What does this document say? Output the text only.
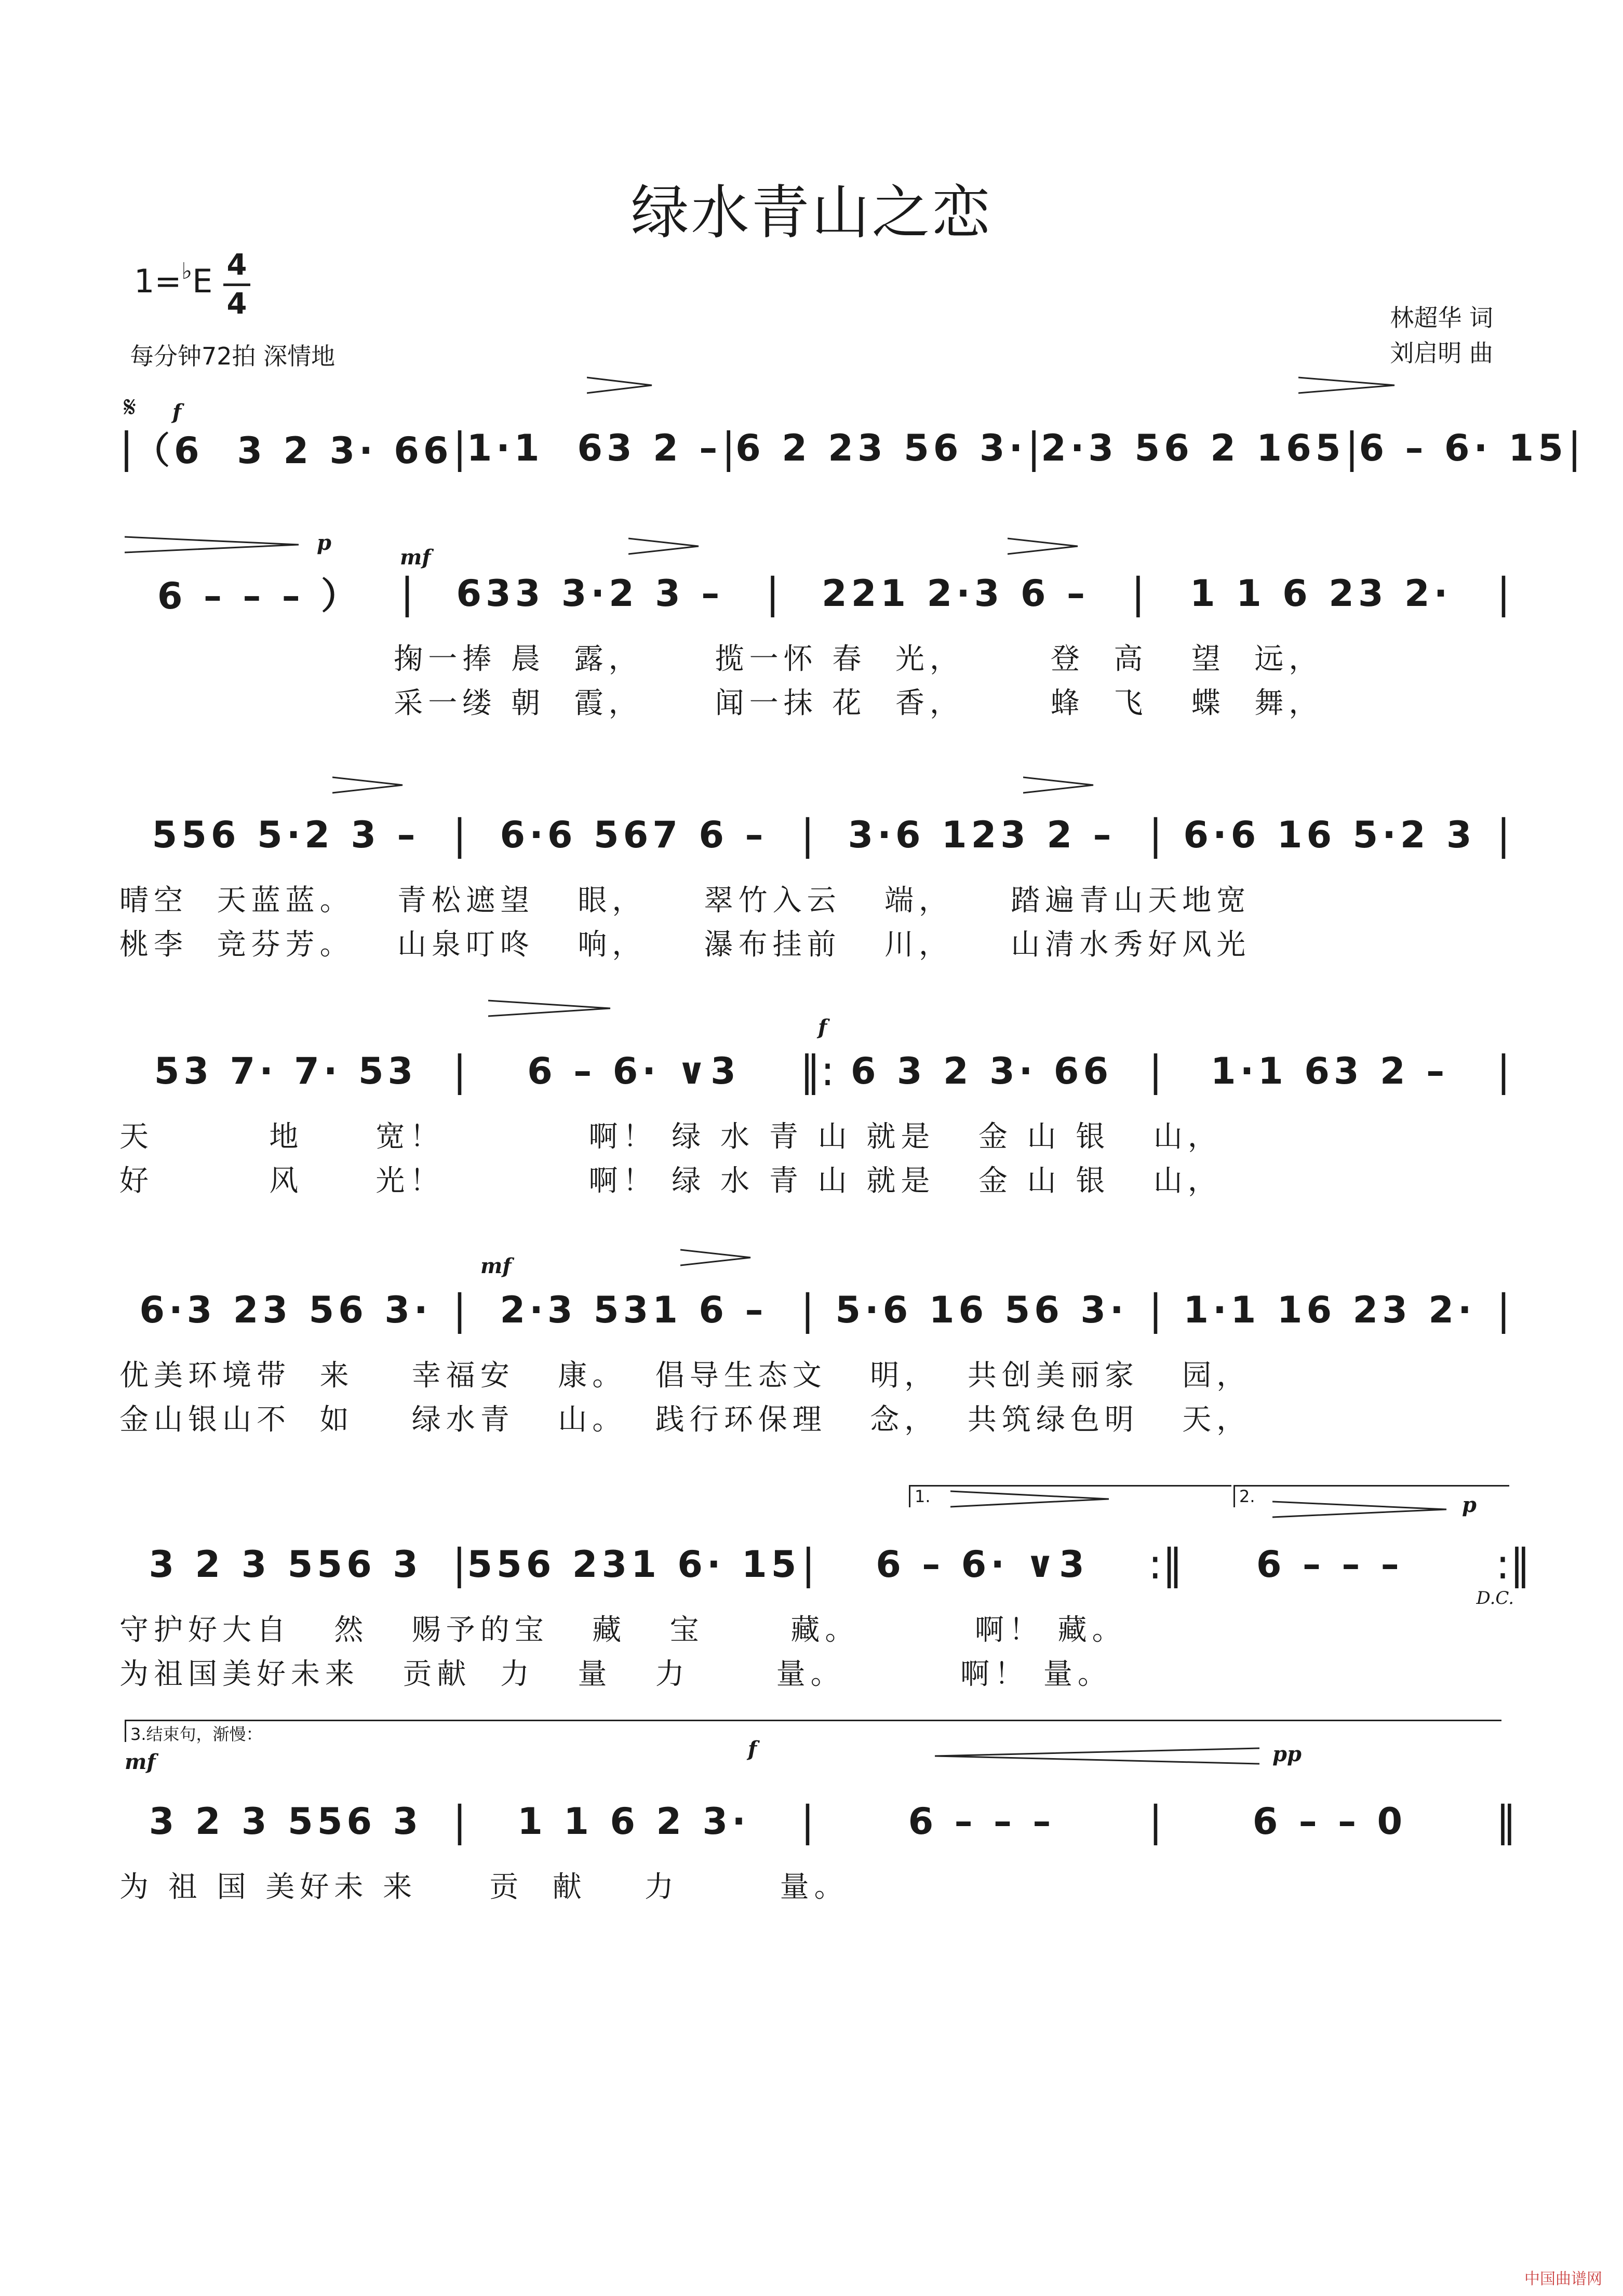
绿水青山之恋
1=♭E 4
4
每分钟72拍 深情地
林超华 词
刘启明 曲
𝄋
| （6  3 2 3· 66 | 1·1  63 2 – | 6 2 23 56 3· | 2·3 56 2 165 | 6 – 6· 15 |
f
6 – – – ） |	633 3·2 3 –	|	221 2·3 6 –	|	1 1 6 23 2·	|
掬一捧 晨  露，     揽一怀 春  光，      登  高   望  远，
采一缕 朝  霞，     闻一抹 花  香，      蜂  飞   蝶  舞，
p
mf
556 5·2 3 – | 6·6 567 6 – | 3·6 123 2 – | 6·6 16 5·2 3 |
晴空  天蓝蓝。   青松遮望   眼，    翠竹入云   端，    踏遍青山天地宽
桃李  竞芬芳。   山泉叮咚   响，    瀑布挂前   川，    山清水秀好风光
53 7· 7· 53 |	6 – 6· ∨3	‖: 6 3 2 3· 66 |	1·1 63 2 –	|
天        地     宽！          啊！ 绿 水 青 山 就是   金 山 银   山，
好        风     光！          啊！ 绿 水 青 山 就是   金 山 银   山，
f
6·3 23 56 3· | 2·3 531 6 – | 5·6 16 56 3· | 1·1 16 23 2· |
优美环境带  来    幸福安   康。  倡导生态文   明，  共创美丽家   园，
金山银山不  如    绿水青   山。  践行环保理   念，  共筑绿色明   天，
mf
1.	2.	p
3 2 3 556 3 | 556 231 6· 15 |	6 – 6· ∨3	:‖	6 – – –	:‖
守护好大自   然   赐予的宝   藏   宝      藏。        啊！ 藏。
为祖国美好未来   贡献  力   量   力      量。        啊！ 量。
D.C.
3.结束句，渐慢：
mf
f	pp
3 2 3 556 3 |	1 1 6 2 3·	|	6 – – –	|	6 – – 0	‖
为 祖 国 美好未 来     贡  献    力       量。
中国曲谱网
